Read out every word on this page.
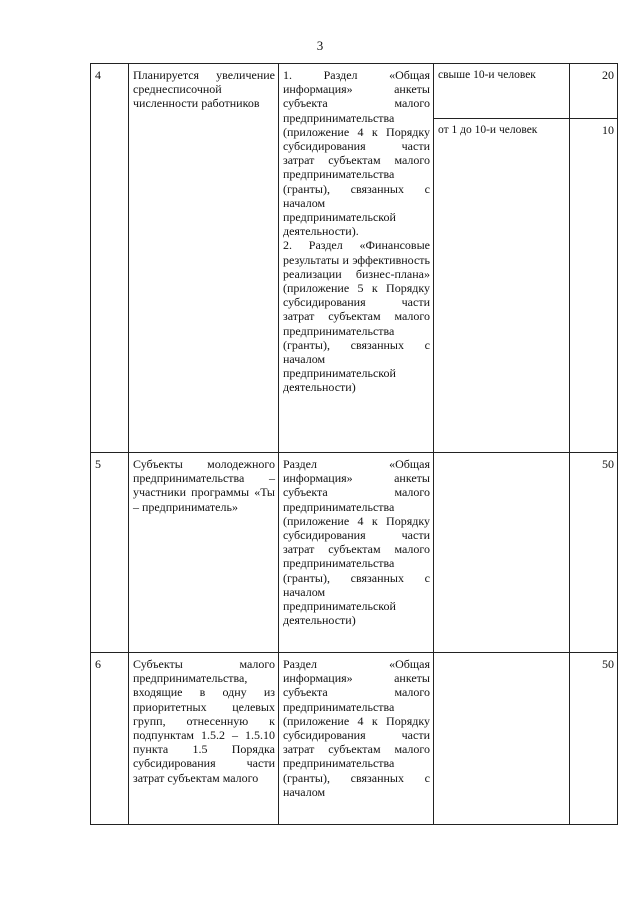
3
4	Планируется увеличение среднесписочной численности работников	1. Раздел «Общая информация» анкеты субъекта малого предпринимательства (приложение 4 к Порядку субсидирования части затрат субъектам малого предпринимательства (гранты), связанных с началом предпринимательской деятельности).
2. Раздел «Финансовые результаты и эффективность реализации бизнес-плана» (приложение 5 к Порядку субсидирования части затрат субъектам малого предпринимательства (гранты), связанных с началом предпринимательской деятельности)	свыше 10-и человек	20
			от 1 до 10-и человек	10
5	Субъекты молодежного предпринимательства – участники программы «Ты – предприниматель»	Раздел «Общая информация» анкеты субъекта малого предпринимательства (приложение 4 к Порядку субсидирования части затрат субъектам малого предпринимательства (гранты), связанных с началом предпринимательской деятельности)		50
6	Субъекты малого предпринимательства, входящие в одну из приоритетных целевых групп, отнесенную к подпунктам 1.5.2 – 1.5.10 пункта 1.5 Порядка субсидирования части затрат субъектам малого	Раздел «Общая информация» анкеты субъекта малого предпринимательства (приложение 4 к Порядку субсидирования части затрат субъектам малого предпринимательства (гранты), связанных с началом		50
